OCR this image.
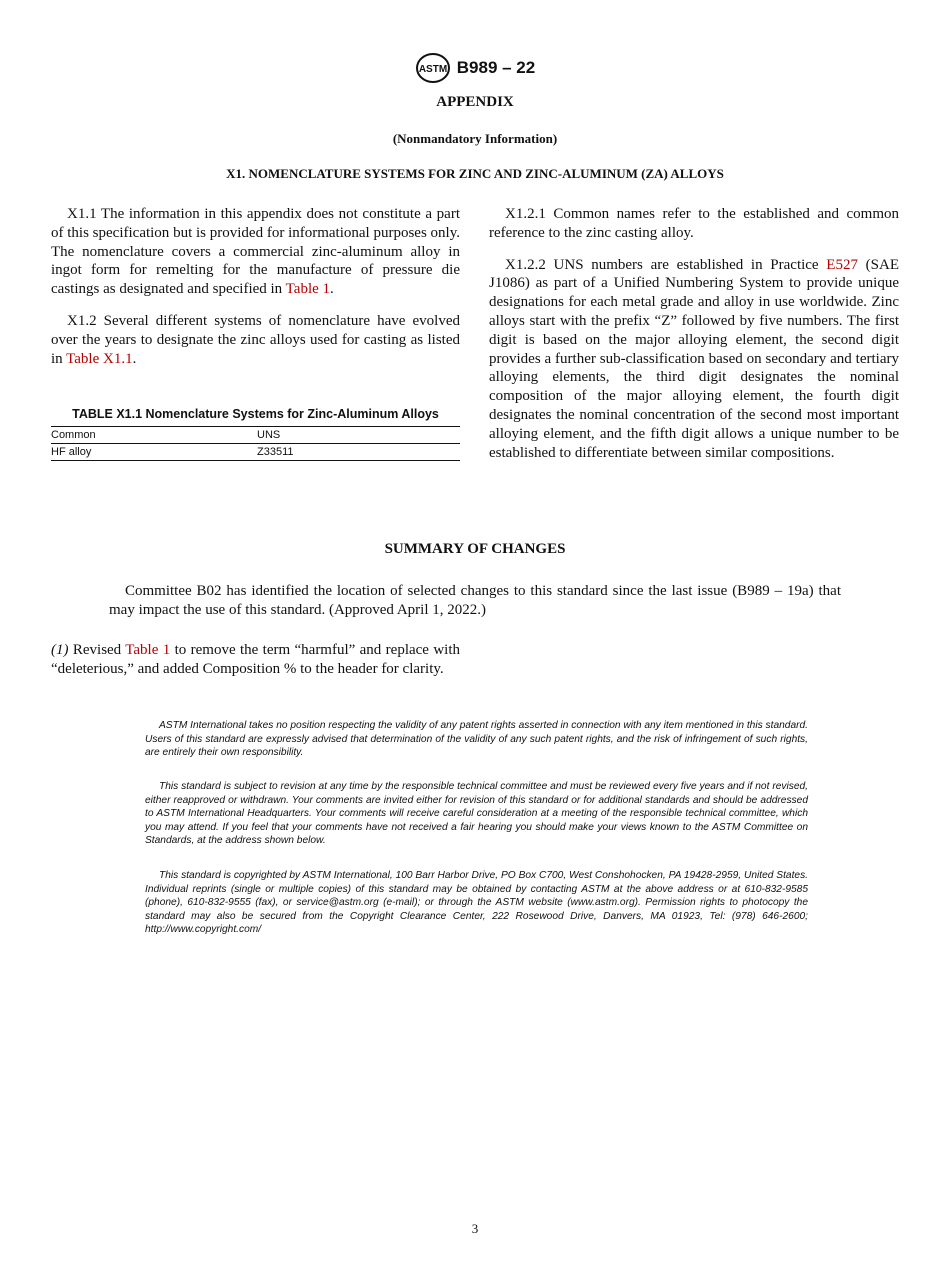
ASTM B989 – 22
APPENDIX
(Nonmandatory Information)
X1. NOMENCLATURE SYSTEMS FOR ZINC AND ZINC-ALUMINUM (ZA) ALLOYS

X1.1 The information in this appendix does not constitute a part of this specification but is provided for informational purposes only. The nomenclature covers a commercial zinc-aluminum alloy in ingot form for remelting for the manufacture of pressure die castings as designated and specified in Table 1.

X1.2 Several different systems of nomenclature have evolved over the years to designate the zinc alloys used for casting as listed in Table X1.1.

TABLE X1.1 Nomenclature Systems for Zinc-Aluminum Alloys
Common	UNS
HF alloy	Z33511

X1.2.1 Common names refer to the established and common reference to the zinc casting alloy.

X1.2.2 UNS numbers are established in Practice E527 (SAE J1086) as part of a Unified Numbering System to provide unique designations for each metal grade and alloy in use worldwide. Zinc alloys start with the prefix “Z” followed by five numbers. The first digit is based on the major alloying element, the second digit provides a further sub-classification based on secondary and tertiary alloying elements, the third digit designates the nominal composition of the major alloying element, the fourth digit designates the nominal concentration of the second most important alloying element, and the fifth digit allows a unique number to be established to differentiate between similar compositions.

SUMMARY OF CHANGES
Committee B02 has identified the location of selected changes to this standard since the last issue (B989 – 19a) that may impact the use of this standard. (Approved April 1, 2022.)
(1) Revised Table 1 to remove the term “harmful” and replace with “deleterious,” and added Composition % to the header for clarity.
ASTM International takes no position respecting the validity of any patent rights asserted in connection with any item mentioned in this standard. Users of this standard are expressly advised that determination of the validity of any such patent rights, and the risk of infringement of such rights, are entirely their own responsibility.
This standard is subject to revision at any time by the responsible technical committee and must be reviewed every five years and if not revised, either reapproved or withdrawn. Your comments are invited either for revision of this standard or for additional standards and should be addressed to ASTM International Headquarters. Your comments will receive careful consideration at a meeting of the responsible technical committee, which you may attend. If you feel that your comments have not received a fair hearing you should make your views known to the ASTM Committee on Standards, at the address shown below.
This standard is copyrighted by ASTM International, 100 Barr Harbor Drive, PO Box C700, West Conshohocken, PA 19428-2959, United States. Individual reprints (single or multiple copies) of this standard may be obtained by contacting ASTM at the above address or at 610-832-9585 (phone), 610-832-9555 (fax), or service@astm.org (e-mail); or through the ASTM website (www.astm.org). Permission rights to photocopy the standard may also be secured from the Copyright Clearance Center, 222 Rosewood Drive, Danvers, MA 01923, Tel: (978) 646-2600; http://www.copyright.com/
3
